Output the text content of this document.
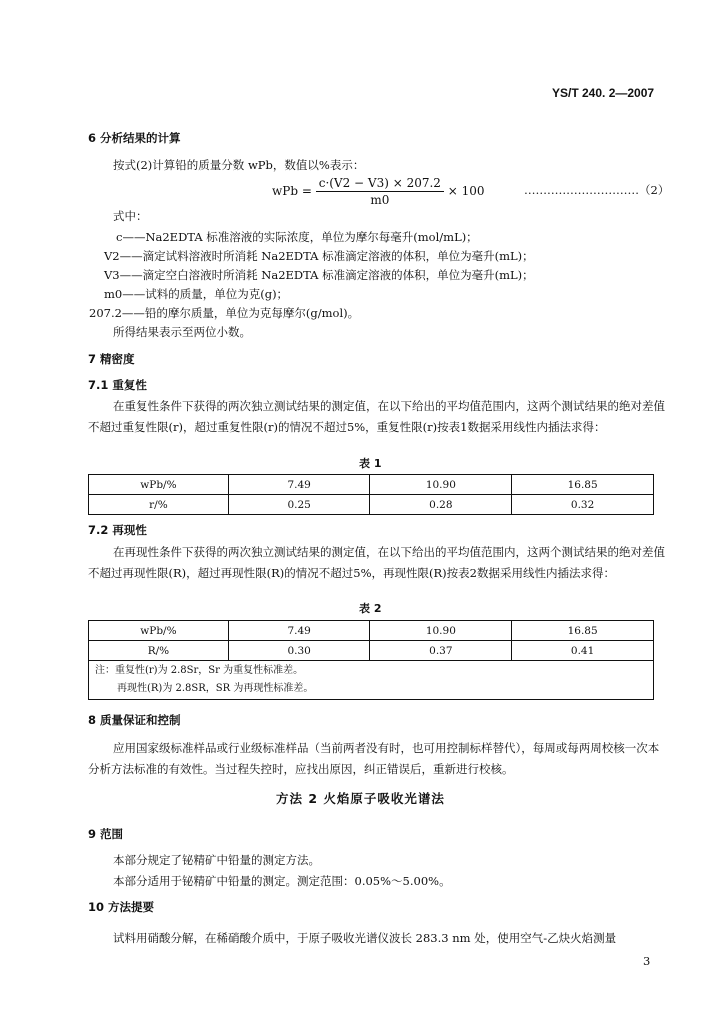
YS/T 240. 2—2007
6 分析结果的计算
按式(2)计算铅的质量分数 wPb，数值以%表示：
wPb = $\frac{c\cdot(V2 - V3) \times 207.2}{m0} \times 100$	…………………………（2）
式中：
c——Na2EDTA 标准溶液的实际浓度，单位为摩尔每毫升(mol/mL)；
V2——滴定试料溶液时所消耗 Na2EDTA 标准滴定溶液的体积，单位为毫升(mL)；
V3——滴定空白溶液时所消耗 Na2EDTA 标准滴定溶液的体积，单位为毫升(mL)；
m0——试料的质量，单位为克(g)；
207.2——铅的摩尔质量，单位为克每摩尔(g/mol)。
所得结果表示至两位小数。
7 精密度
7.1 重复性
在重复性条件下获得的两次独立测试结果的测定值，在以下给出的平均值范围内，这两个测试结果的绝对差值不超过重复性限(r)，超过重复性限(r)的情况不超过5%，重复性限(r)按表1数据采用线性内插法求得：
表 1
wPb/%	7.49	10.90	16.85
r/%	0.25	0.28	0.32
7.2 再现性
在再现性条件下获得的两次独立测试结果的测定值，在以下给出的平均值范围内，这两个测试结果的绝对差值不超过再现性限(R)，超过再现性限(R)的情况不超过5%，再现性限(R)按表2数据采用线性内插法求得：
表 2
wPb/%	7.49	10.90	16.85
R/%	0.30	0.37	0.41

注：重复性(r)为 2.8Sr，Sr 为重复性标准差。
再现性(R)为 2.8SR，SR 为再现性标准差。			
8 质量保证和控制
应用国家级标准样品或行业级标准样品（当前两者没有时，也可用控制标样替代），每周或每两周校核一次本分析方法标准的有效性。当过程失控时，应找出原因，纠正错误后，重新进行校核。
方法 2 火焰原子吸收光谱法
9 范围
本部分规定了铋精矿中铅量的测定方法。
本部分适用于铋精矿中铅量的测定。测定范围：0.05%～5.00%。
10 方法提要
试料用硝酸分解，在稀硝酸介质中，于原子吸收光谱仪波长 283.3 nm 处，使用空气-乙炔火焰测量
3
